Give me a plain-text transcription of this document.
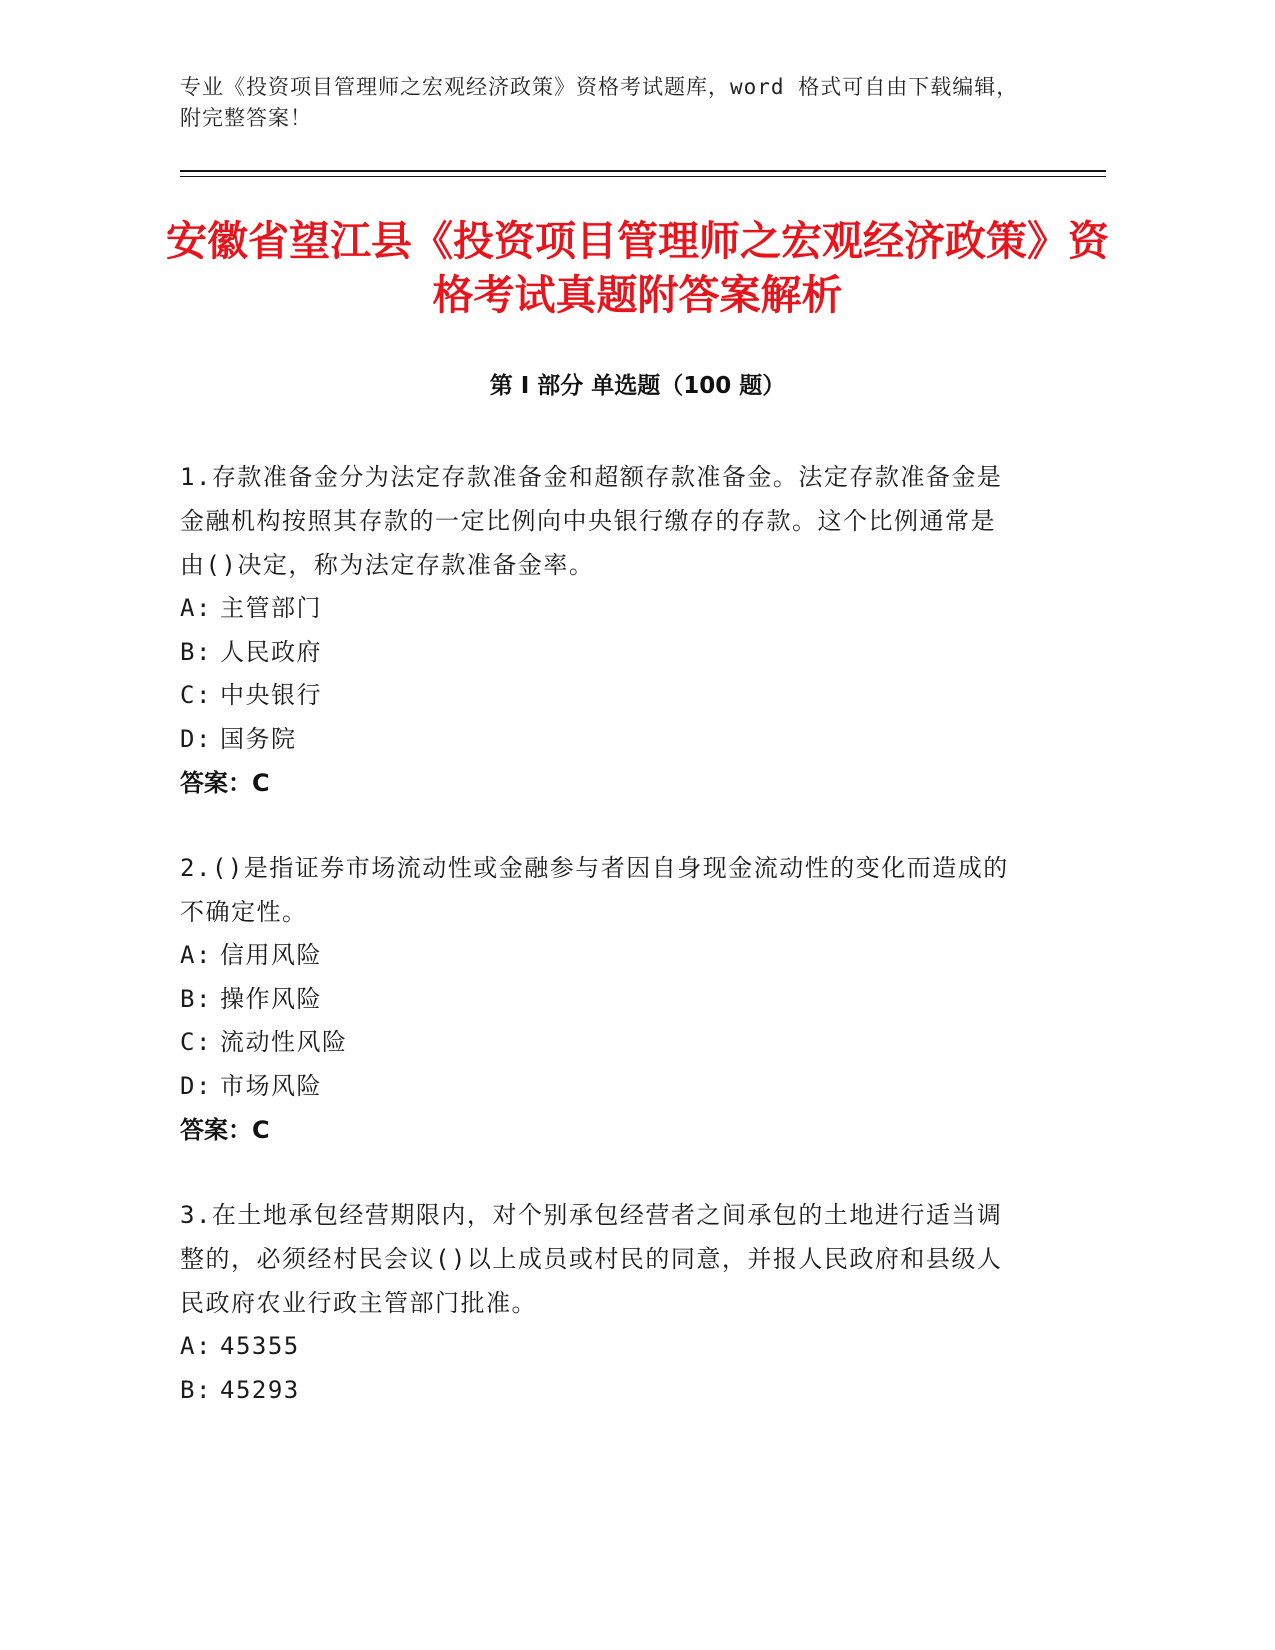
专业《投资项目管理师之宏观经济政策》资格考试题库，word 格式可自由下载编辑，附完整答案！
安徽省望江县《投资项目管理师之宏观经济政策》资格考试真题附答案解析
第 I 部分 单选题（100 题）

1.存款准备金分为法定存款准备金和超额存款准备金。法定存款准备金是金融机构按照其存款的一定比例向中央银行缴存的存款。这个比例通常是由()决定，称为法定存款准备金率。

A: 主管部门
B: 人民政府
C: 中央银行
D: 国务院
答案：C

2.()是指证券市场流动性或金融参与者因自身现金流动性的变化而造成的不确定性。

A: 信用风险
B: 操作风险
C: 流动性风险
D: 市场风险
答案：C

3.在土地承包经营期限内，对个别承包经营者之间承包的土地进行适当调整的，必须经村民会议()以上成员或村民的同意，并报人民政府和县级人民政府农业行政主管部门批准。

A: 45355
B: 45293
